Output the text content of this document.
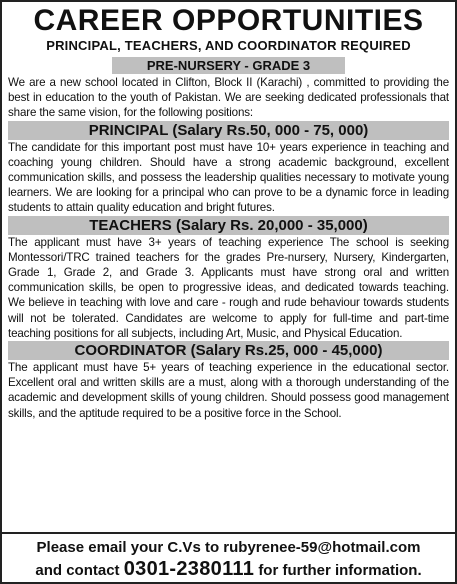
CAREER OPPORTUNITIES
PRINCIPAL, TEACHERS, AND COORDINATOR REQUIRED
PRE-NURSERY - GRADE 3
We are a new school located in Clifton, Block II (Karachi) , committed to providing the best in education to the youth of Pakistan. We are seeking dedicated professionals that share the same vision, for the following positions:
PRINCIPAL (Salary Rs.50, 000 - 75, 000)
The candidate for this important post must have 10+ years experience in teaching and coaching young children. Should have a strong academic background, excellent communication skills, and possess the leadership qualities necessary to motivate young learners. We are looking for a principal who can prove to be a dynamic force in leading students to attain quality education and bright futures.
TEACHERS (Salary Rs. 20,000 - 35,000)
The applicant must have 3+ years of teaching experience The school is seeking Montessori/TRC trained teachers for the grades Pre-nursery, Nursery, Kindergarten, Grade 1, Grade 2, and Grade 3. Applicants must have strong oral and written communication skills, be open to progressive ideas, and dedicated towards teaching. We believe in teaching with love and care - rough and rude behaviour towards students will not be tolerated. Candidates are welcome to apply for full-time and part-time teaching positions for all subjects, including Art, Music, and Physical Education.
COORDINATOR (Salary Rs.25, 000 - 45,000)
The applicant must have 5+ years of teaching experience in the educational sector. Excellent oral and written skills are a must, along with a thorough understanding of the academic and development skills of young children. Should possess good management skills, and the aptitude required to be a positive force in the School.
Please email your C.Vs to rubyrenee-59@hotmail.com
and contact 0301-2380111 for further information.
